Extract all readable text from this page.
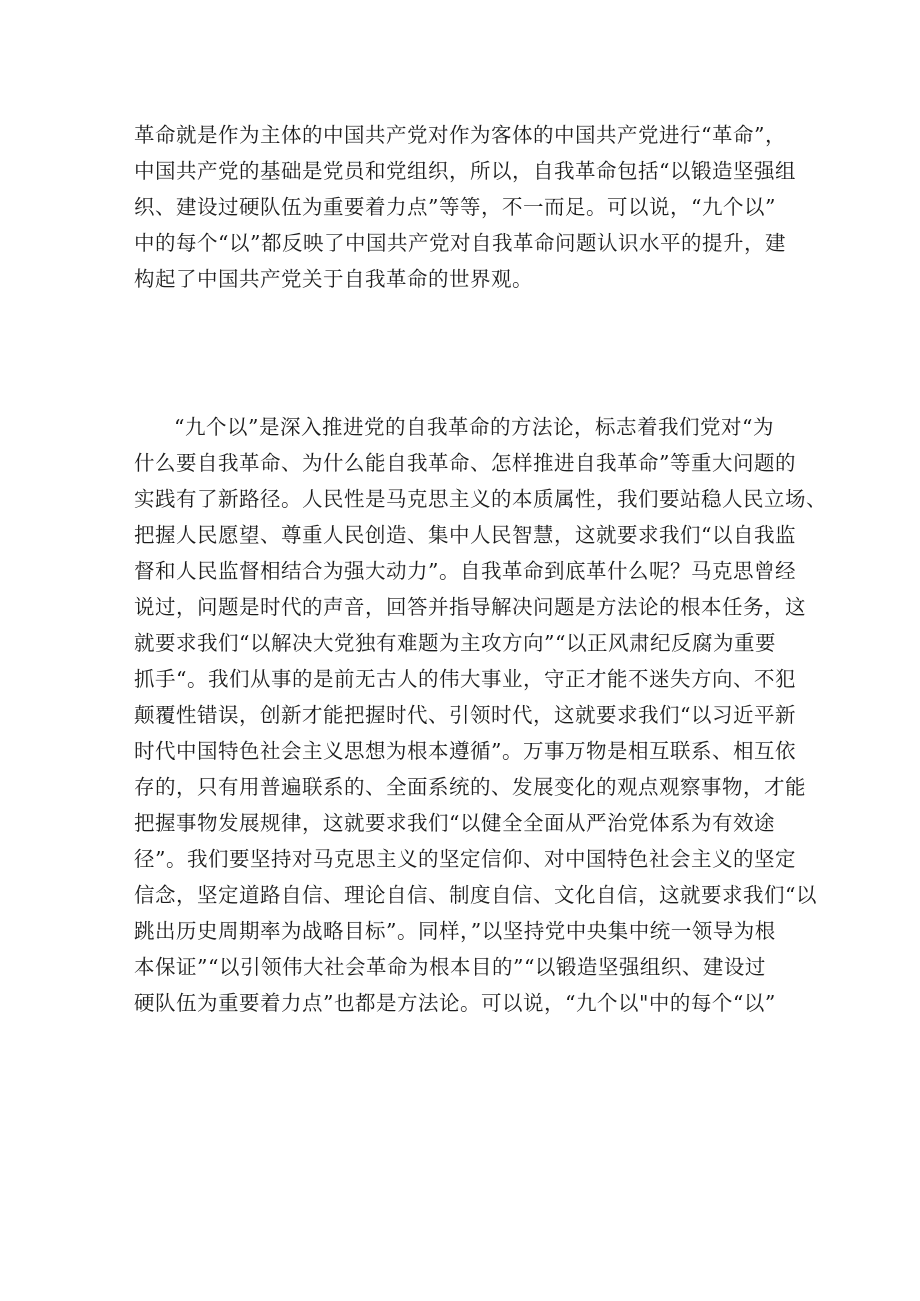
革命就是作为主体的中国共产党对作为客体的中国共产党进行“革命”，
中国共产党的基础是党员和党组织，所以，自我革命包括“以锻造坚强组
织、建设过硬队伍为重要着力点”等等，不一而足。可以说，“九个以”
中的每个“以”都反映了中国共产党对自我革命问题认识水平的提升，建
构起了中国共产党关于自我革命的世界观。
“九个以”是深入推进党的自我革命的方法论，标志着我们党对“为
什么要自我革命、为什么能自我革命、怎样推进自我革命”等重大问题的
实践有了新路径。人民性是马克思主义的本质属性，我们要站稳人民立场、
把握人民愿望、尊重人民创造、集中人民智慧，这就要求我们“以自我监
督和人民监督相结合为强大动力”。自我革命到底革什么呢？马克思曾经
说过，问题是时代的声音，回答并指导解决问题是方法论的根本任务，这
就要求我们“以解决大党独有难题为主攻方向”“以正风肃纪反腐为重要
抓手“。我们从事的是前无古人的伟大事业，守正才能不迷失方向、不犯
颠覆性错误，创新才能把握时代、引领时代，这就要求我们“以习近平新
时代中国特色社会主义思想为根本遵循”。万事万物是相互联系、相互依
存的，只有用普遍联系的、全面系统的、发展变化的观点观察事物，才能
把握事物发展规律，这就要求我们“以健全全面从严治党体系为有效途
径”。我们要坚持对马克思主义的坚定信仰、对中国特色社会主义的坚定
信念，坚定道路自信、理论自信、制度自信、文化自信，这就要求我们“以
跳出历史周期率为战略目标”。同样，”以坚持党中央集中统一领导为根
本保证”“以引领伟大社会革命为根本目的”“以锻造坚强组织、建设过
硬队伍为重要着力点”也都是方法论。可以说，“九个以"中的每个“以”
